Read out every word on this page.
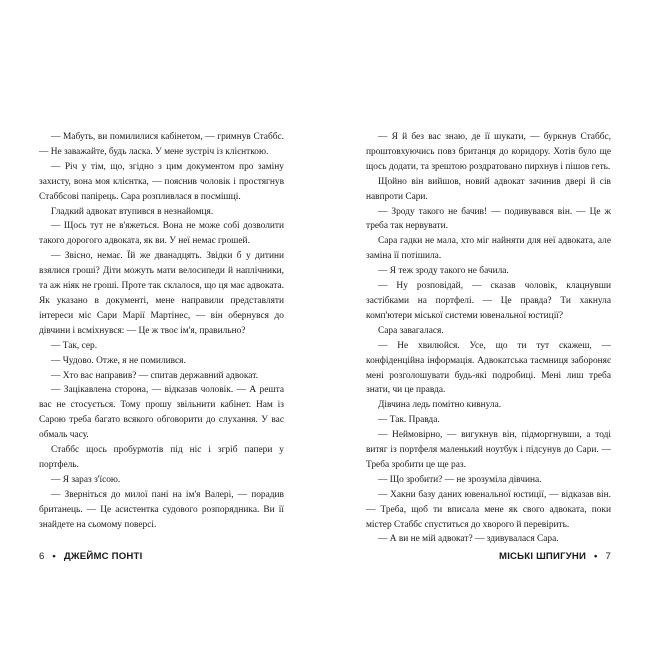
— Мабуть, ви помилилися кабінетом, — гримнув Стаббс. — Не заважайте, будь ласка. У мене зустріч із клієнткою.

— Річ у тім, що, згідно з цим документом про заміну захисту, вона моя клієнтка, — пояснив чоловік і простягнув Стаббсові папірець. Сара розпливлася в посмішці.

Гладкий адвокат втупився в незнайомця.

— Щось тут не в'яжеться. Вона не може собі дозволити такого дорогого адвоката, як ви. У неї немає грошей.

— Звісно, немає. Їй же дванадцять. Звідки б у дитини взялися гроші? Діти можуть мати велосипеди й наплічники, та аж ніяк не гроші. Проте так склалося, що ця має адвоката. Як указано в документі, мене направили представляти інтереси міс Сари Марії Мартінес, — він обернувся до дівчини і всміхнувся: — Це ж твоє ім'я, правильно?

— Так, сер.

— Чудово. Отже, я не помилився.

— Хто вас направив? — спитав державний адвокат.

— Зацікавлена сторона, — відказав чоловік. — А решта вас не стосується. Тому прошу звільнити кабінет. Нам із Сарою треба багато всякого обговорити до слухання. У вас обмаль часу.

Стаббс щось пробурмотів під ніс і згріб папери у портфель.

— Я зараз з'їсою.

— Зверніться до милої пані на ім'я Валері, — порадив британець. — Це асистентка судового розпорядника. Ви її знайдете на сьомому поверсі.

— Я й без вас знаю, де її шукати, — буркнув Стаббс, проштовхуючись повз британця до коридору. Хотів було ще щось додати, та зрештою роздратовано пирхнув і пішов геть.

Щойно він вийшов, новий адвокат зачинив двері й сів навпроти Сари.

— Зроду такого не бачив! — подивувався він. — Це ж треба так нервувати.

Сара гадки не мала, хто міг найняти для неї адвоката, але заміна її потішила.

— Я теж зроду такого не бачила.

— Ну розповідай, — сказав чоловік, клацнувши застібками на портфелі. — Це правда? Ти хакнула комп'ютери міської системи ювенальної юстиції?

Сара завагалася.

— Не хвилюйся. Усе, що ти тут скажеш, — конфіденційна інформація. Адвокатська таємниця забороняє мені розголошувати будь-які подробиці. Мені лиш треба знати, чи це правда.

Дівчина ледь помітно кивнула.

— Так. Правда.

— Неймовірно, — вигукнув він, підморгнувши, а тоді витяг із портфеля маленький ноутбук і підсунув до Сари. — Треба зробити це ще раз.

— Що зробити? — не зрозуміла дівчина.

— Хакни базу даних ювенальної юстиції, — відказав він. — Треба, щоб ти вписала мене як свого адвоката, поки містер Стаббс спуститься до хворого й перевірить.

— А ви не мій адвокат? — здивувалася Сара.

6 • ДЖЕЙМС ПОНТІ	МІСЬКІ ШПИГУНИ • 7
